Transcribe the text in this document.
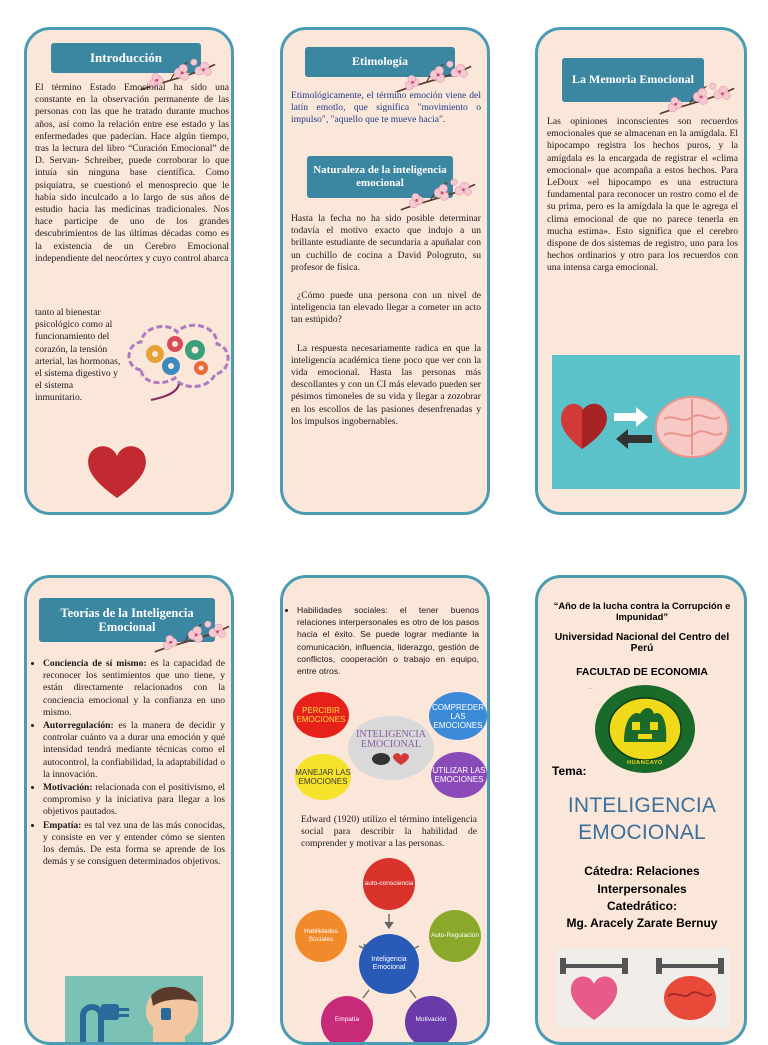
Introducción

El término Estado Emocional ha sido una constante en la observación permanente de las personas con las que he tratado durante muchos años, así como la relación entre ese estado y las enfermedades que padecían. Hace algún tiempo, tras la lectura del libro “Curación Emocional” de D. Servan- Schreiber, puede corroborar lo que intuía sin ninguna base científica. Como psiquiatra, se cuestionó el menosprecio que le había sido inculcado a lo largo de sus años de estudio hacia las medicinas tradicionales. Nos hace participe de uno de los grandes descubrimientos de las últimas décadas como es la existencia de un Cerebro Emocional independiente del neocórtex y cuyo control abarca

tanto al bienestar psicológico como al funcionamiento del corazón, la tensión arterial, las hormonas, el sistema digestivo y el sistema inmunitario.

Etimología

Etimológicamente, el término emoción viene del latín emotĭo, que significa "movimiento o impulso", "aquello que te mueve hacia".

Naturaleza de la inteligencia emocional

Hasta la fecha no ha sido posible determinar todavía el motivo exacto que indujo a un brillante estudiante de secundaria a apuñalar con un cuchillo de cocina a David Pologruto, su profesor de física.

¿Cómo puede una persona con un nivel de inteligencia tan elevado llegar a cometer un acto tan estúpido?

La respuesta necesariamente radica en que la inteligencia académica tiene poco que ver con la vida emocional. Hasta las personas más descollantes y con un CI más elevado pueden ser pésimos timoneles de su vida y llegar a zozobrar en los escollos de las pasiones desenfrenadas y los impulsos ingobernables.

La Memoria Emocional

Las opiniones inconscientes son recuerdos emocionales que se almacenan en la amígdala. El hipocampo registra los hechos puros, y la amígdala es la encargada de registrar el «clima emocional» que acompaña a estos hechos. Para LeDoux «el hipocampo es una estructura fundamental para reconocer un rostro como el de su prima, pero es la amígdala la que le agrega el clima emocional de que no parece tenerla en mucha estima». Esto significa que el cerebro dispone de dos sistemas de registro, uno para los hechos ordinarios y otro para los recuerdos con una intensa carga emocional.

Teorías de la Inteligencia Emocional
• Conciencia de sí mismo: es la capacidad de reconocer los sentimientos que uno tiene, y están directamente relacionados con la conciencia emocional y la confianza en uno mismo.
• Autorregulación: es la manera de decidir y controlar cuánto va a durar una emoción y qué intensidad tendrá mediante técnicas como el autocontrol, la confiabilidad, la adaptabilidad o la innovación.
• Motivación: relacionada con el positivismo, el compromiso y la iniciativa para llegar a los objetivos pautados.
• Empatía: es tal vez una de las más conocidas, y consiste en ver y entender cómo se sienten los demás. De esta forma se aprende de los demás y se consiguen determinados objetivos.
• Habilidades sociales: el tener buenos relaciones interpersonales es otro de los pasos hacia el éxito. Se puede lograr mediante la comunicación, influencia, liderazgo, gestión de conflictos, cooperación o trabajo en equipo, entre otros.
INTELIGENCIA EMOCIONAL
PERCIBIR EMOCIONES
COMPREDER LAS EMOCIONES
MANEJAR LAS EMOCIONES
UTILIZAR LAS EMOCIONES

Edward (1920) utilizo el término inteligencia social para describir la habilidad de comprender y motivar a las personas.

auto-consciencia
Auto-Regulación
Habilidades Sociales
Inteligencia Emocional
Empatía	Motivación
“Año de la lucha contra la Corrupción e Impunidad”
Universidad Nacional del Centro del Perú
FACULTAD DE ECONOMIA
UNIVERSID
HUANCAYO
Tema:
INTELIGENCIA EMOCIONAL
Cátedra: Relaciones Interpersonales
Catedrático:
Mg. Aracely Zarate Bernuy
